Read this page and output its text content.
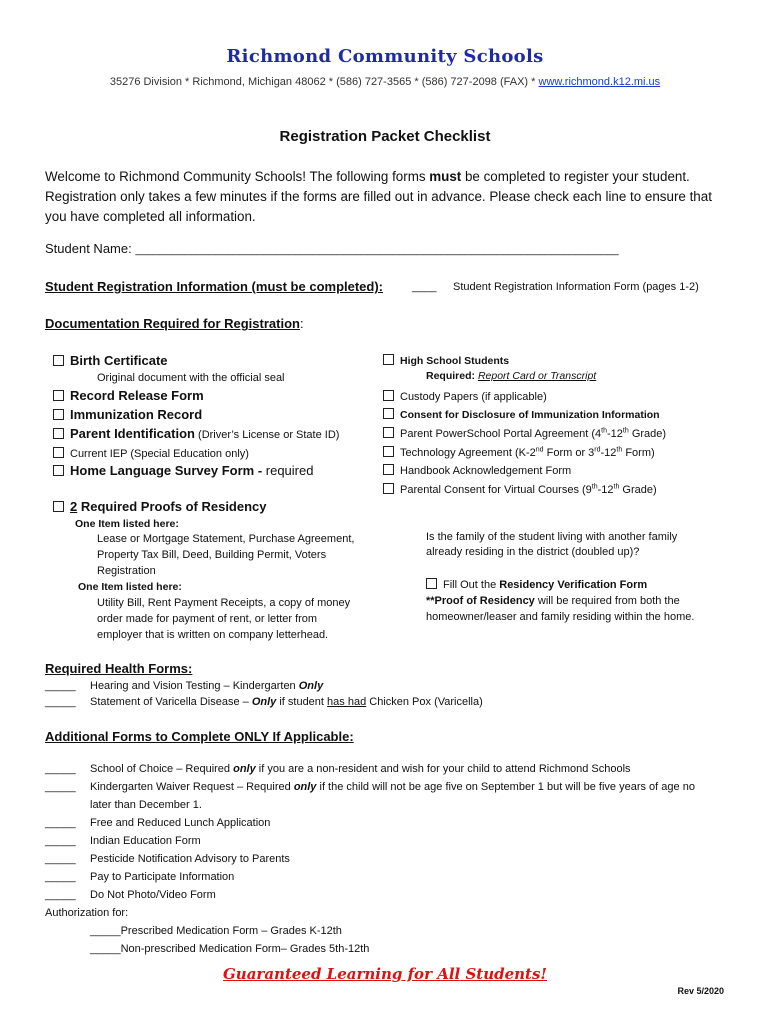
Richmond Community Schools
35276 Division * Richmond, Michigan 48062 * (586) 727-3565 * (586) 727-2098 (FAX) * www.richmond.k12.mi.us
Registration Packet Checklist
Welcome to Richmond Community Schools! The following forms must be completed to register your student. Registration only takes a few minutes if the forms are filled out in advance. Please check each line to ensure that you have completed all information.
Student Name: _______________________________________________________________________________
Student Registration Information (must be completed):	____ Student Registration Information Form (pages 1-2)
Documentation Required for Registration:
Birth Certificate
Original document with the official seal
Record Release Form
Immunization Record
Parent Identification (Driver’s License or State ID)
Current IEP (Special Education only)
Home Language Survey Form - required
2 Required Proofs of Residency
One Item listed here:
Lease or Mortgage Statement, Purchase Agreement,
Property Tax Bill, Deed, Building Permit, Voters
Registration
One Item listed here:
Utility Bill, Rent Payment Receipts, a copy of money
order made for payment of rent, or letter from
employer that is written on company letterhead.
High School Students
Required: Report Card or Transcript
Custody Papers (if applicable)
Consent for Disclosure of Immunization Information
Parent PowerSchool Portal Agreement (4th-12th Grade)
Technology Agreement (K-2nd Form or 3rd-12th Form)
Handbook Acknowledgement Form
Parental Consent for Virtual Courses (9th-12th Grade)
Is the family of the student living with another family
already residing in the district (doubled up)?
Fill Out the Residency Verification Form
**Proof of Residency will be required from both the
homeowner/leaser and family residing within the home.
Required Health Forms:
_____ Hearing and Vision Testing – Kindergarten Only
_____ Statement of Varicella Disease – Only if student has had Chicken Pox (Varicella)
Additional Forms to Complete ONLY If Applicable:
_____ School of Choice – Required only if you are a non-resident and wish for your child to attend Richmond Schools
_____ Kindergarten Waiver Request – Required only if the child will not be age five on September 1 but will be five years of age no
later than December 1.
_____ Free and Reduced Lunch Application
_____ Indian Education Form
_____ Pesticide Notification Advisory to Parents
_____ Pay to Participate Information
_____ Do Not Photo/Video Form
Authorization for:
_____Prescribed Medication Form – Grades K-12th
_____Non-prescribed Medication Form– Grades 5th-12th
Guaranteed Learning for All Students!
Rev 5/2020
